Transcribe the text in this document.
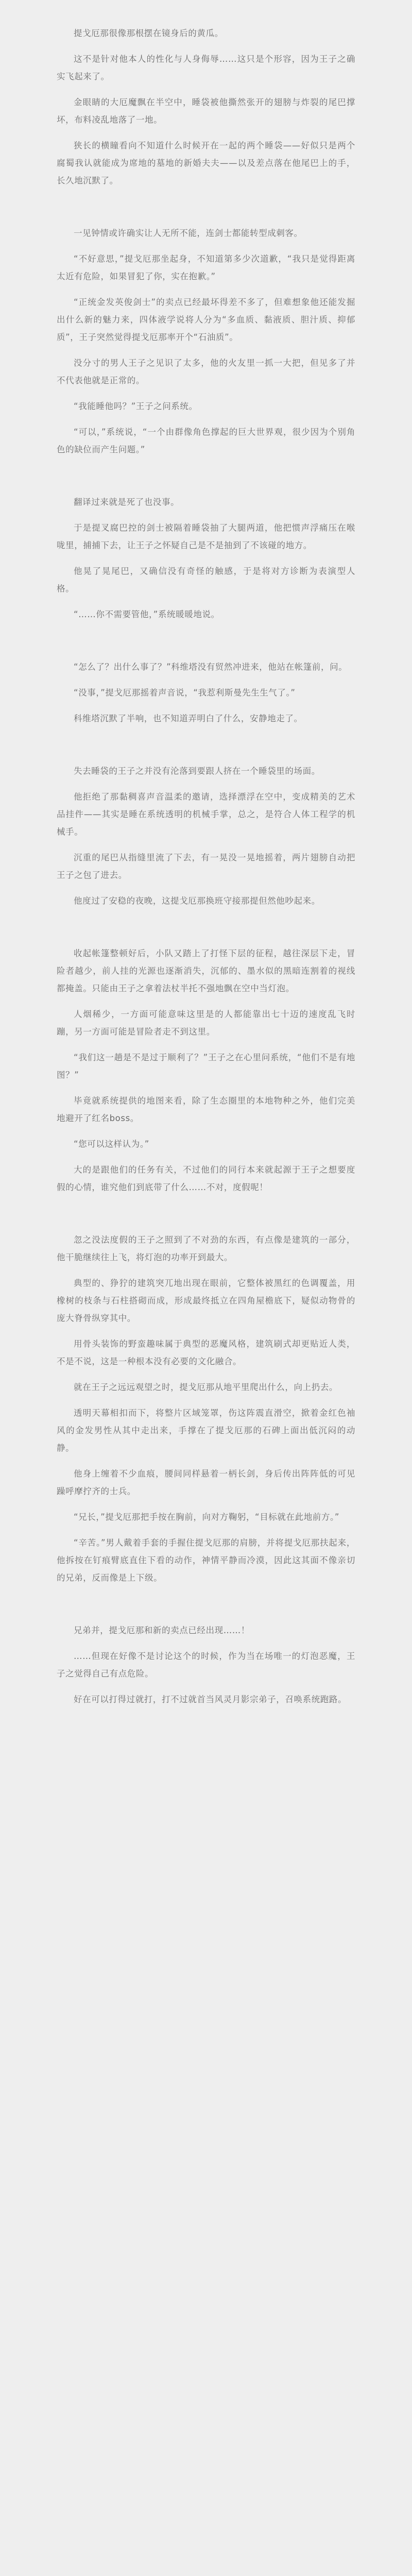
提戈厄那很像那根摆在镜身后的黄瓜。

这不是针对他本人的性化与人身侮辱……这只是个形容，因为王子之确实飞起来了。

金眼睛的大厄魔飘在半空中，睡袋被他撕然张开的翅膀与炸裂的尾巴撑坏，布料凌乱地落了一地。

狭长的横瞳看向不知道什么时候开在一起的两个睡袋——好似只是两个腐蜀我认就能成为席地的墓地的新婚夫夫——以及差点落在他尾巴上的手，长久地沉默了。

一见钟情或许确实让人无所不能，连剑士都能转型成刺客。

“不好意思，”提戈厄那坐起身，不知道第多少次道歉，“我只是觉得距离太近有危险，如果冒犯了你，实在抱歉。”

“正统金发英俊剑士”的卖点已经最坏得差不多了，但难想象他还能发掘出什么新的魅力来，四体液学说将人分为“多血质、黏液质、胆汁质、抑郁质”，王子突然觉得提戈厄那率开个“石油质”。

没分寸的男人王子之见识了太多，他的火友里一抓一大把，但见多了并不代表他就是正常的。

“我能睡他吗？”王子之问系统。

“可以，”系统说，“一个由群像角色撑起的巨大世界观，很少因为个别角色的缺位而产生问题。”

翻译过来就是死了也没事。

于是提叉腐巴控的剑士被隔着睡袋抽了大腿两道，他把惯声浮痛压在喉咙里，捕捕下去，让王子之怀疑自己是不是抽到了不该碰的地方。

他晃了晃尾巴，又确信没有奇怪的触感，于是将对方诊断为表演型人格。

“……你不需要管他，”系统暖暖地说。

“怎么了？出什么事了？”科维塔没有贸然冲进来，他站在帐篷前，问。

“没事，”提戈厄那摇着声音说，“我惹利斯曼先生生气了。”

科维塔沉默了半响，也不知道弄明白了什么，安静地走了。

失去睡袋的王子之并没有沦落到要跟人挤在一个睡袋里的场面。

他拒绝了那黏稠喜声音温柔的邀请，选择漂浮在空中，变成精美的艺术品挂件——其实是睡在系统透明的机械手掌，总之，是符合人体工程学的机械手。

沉重的尾巴从指缝里流了下去，有一晃没一晃地摇着，两片翅膀自动把王子之包了进去。

他度过了安稳的夜晚，这提戈厄那换班守接那提但然他吵起来。

收起帐篷整顿好后，小队又踏上了打怪下层的征程，越往深层下走，冒险者越少，前人挂的光源也逐渐消失，沉郁的、墨水似的黑暗连割着的视线都掩盖。只能由王子之拿着法杖半托不强地飘在空中当灯泡。

人烟稀少，一方面可能意味这里是的人都能靠出七十迈的速度乱飞时蹦，另一方面可能是冒险者走不到这里。

“我们这一趟是不是过于顺利了？”王子之在心里问系统，“他们不是有地图？”

毕竟就系统提供的地图来看，除了生态圈里的本地物种之外，他们完美地避开了红名boss。

“您可以这样认为。”

大的是跟他们的任务有关，不过他们的同行本来就起源于王子之想要度假的心情，谁究他们到底带了什么……不对，度假呢！

忽之没法度假的王子之照到了不对劲的东西，有点像是建筑的一部分，他干脆继续往上飞，将灯泡的功率开到最大。

典型的、狰狞的建筑突兀地出现在眼前，它整体被黑红的色调覆盖，用橡树的枝条与石柱搭砌而成，形成最终抵立在四角屋檐底下，疑似动物骨的庞大脊骨纵穿其中。

用骨头装饰的野蛮趣味属于典型的恶魔风格，建筑刷式却更贴近人类，不是不说，这是一种根本没有必要的文化融合。

就在王子之远远观望之时，提戈厄那从地平里爬出什么，向上扔去。

透明天幕相扣而下，将整片区域笼罩，伤这阵震直滑空，掀着金红色袖风的金发男性从其中走出来，手撑在了提戈厄那的石碑上面出低沉闷的动静。

他身上缠着不少血痕，腰间同样悬着一柄长剑，身后传出阵阵低的可见躁呼摩拧齐的士兵。

“兄长，”提戈厄那把手按在胸前，向对方鞠躬，“目标就在此地前方。”

“辛苦。”男人戴着手套的手握住提戈厄那的肩膀，并将提戈厄那扶起来，他拆按在钉痕臂底直住下看的动作，神情平静而冷漠，因此这其面不像亲切的兄弟，反而像是上下级。

兄弟并，提戈厄那和新的卖点已经出现……！

……但现在好像不是讨论这个的时候，作为当在场唯一的灯泡恶魔，王子之觉得自己有点危险。

好在可以打得过就打，打不过就首当风灵月影宗弟子，召唤系统跑路。
